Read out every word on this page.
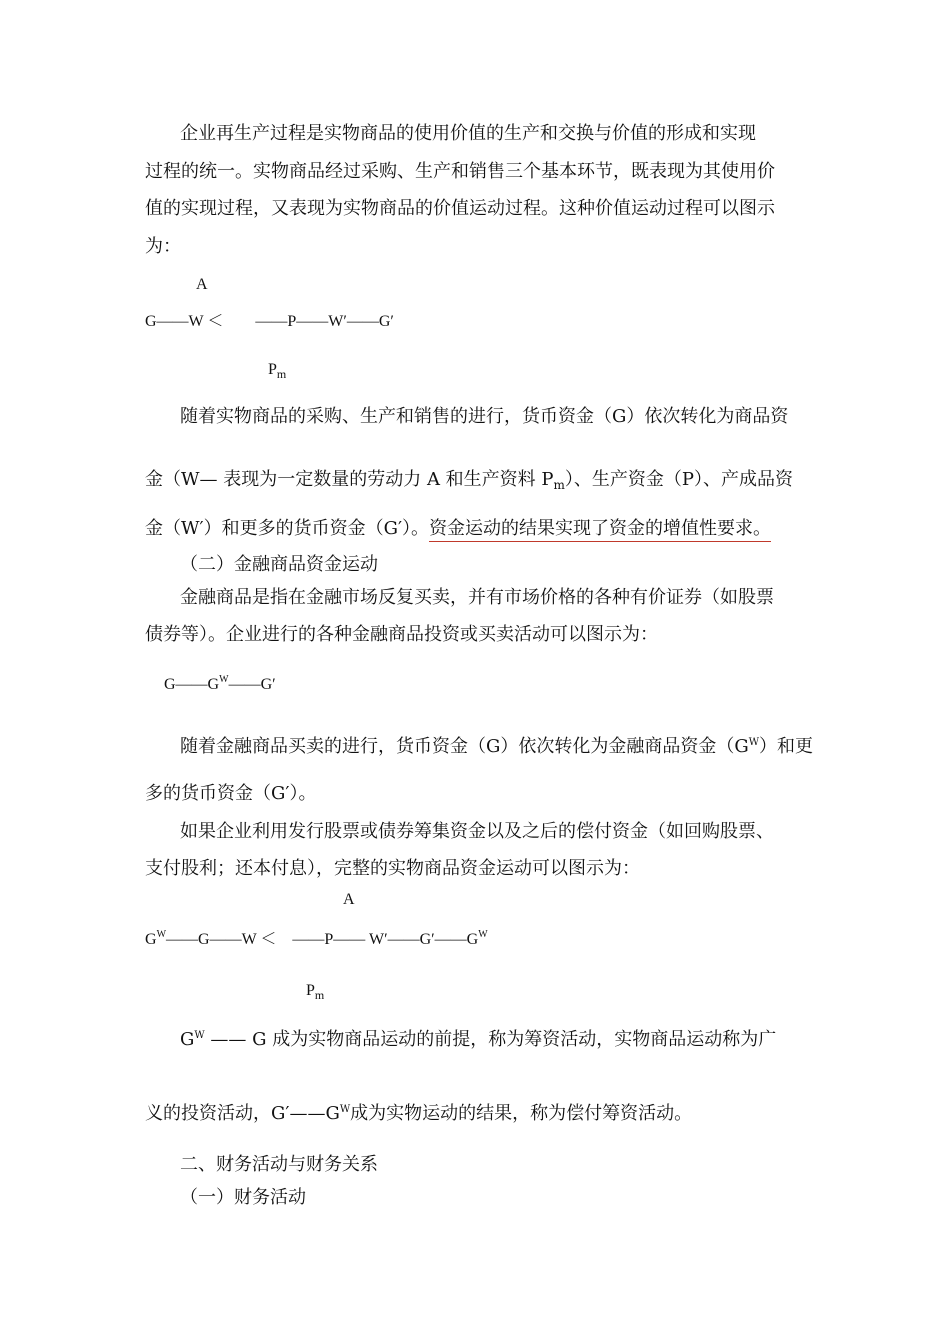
企业再生产过程是实物商品的使用价值的生产和交换与价值的形成和实现
过程的统一。实物商品经过采购、生产和销售三个基本环节，既表现为其使用价
值的实现过程，又表现为实物商品的价值运动过程。这种价值运动过程可以图示
为：
A
G——W ＜　　——P——W′——G′
$P_m$
随着实物商品的采购、生产和销售的进行，货币资金（G）依次转化为商品资
金（W— 表现为一定数量的劳动力 A 和生产资料 $P_m$）、生产资金（P）、产成品资
金（W′）和更多的货币资金（G′）。资金运动的结果实现了资金的增值性要求。
（二）金融商品资金运动
金融商品是指在金融市场反复买卖，并有市场价格的各种有价证券（如股票
债券等）。企业进行的各种金融商品投资或买卖活动可以图示为：
$G——G^W——G'$
随着金融商品买卖的进行，货币资金（G）依次转化为金融商品资金$(G^W)$和更
多的货币资金（G′）。
如果企业利用发行股票或债券筹集资金以及之后的偿付资金（如回购股票、
支付股利；还本付息），完整的实物商品资金运动可以图示为：
A
$G^W——G——W$ ＜　——P—— $W'——G'——G^W$
$P_m$
$G^W$ —— G 成为实物商品运动的前提，称为筹资活动，实物商品运动称为广
义的投资活动，$G'——G^W$成为实物运动的结果，称为偿付筹资活动。
二、财务活动与财务关系
（一）财务活动
